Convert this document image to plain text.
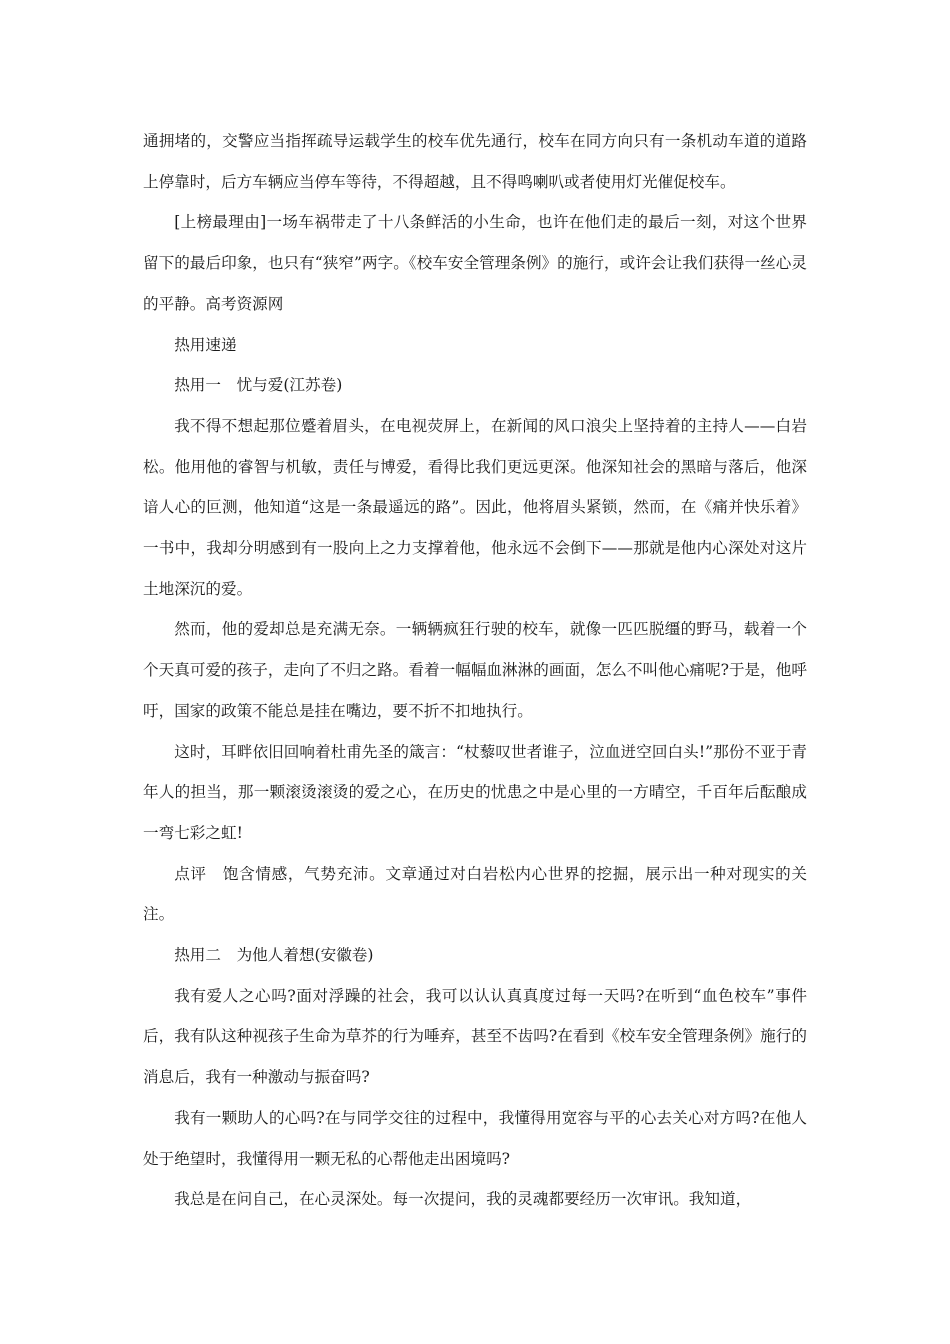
通拥堵的，交警应当指挥疏导运载学生的校车优先通行，校车在同方向只有一条机动车道的道路上停靠时，后方车辆应当停车等待，不得超越，且不得鸣喇叭或者使用灯光催促校车。

[上榜最理由]一场车祸带走了十八条鲜活的小生命，也许在他们走的最后一刻，对这个世界留下的最后印象，也只有“狭窄”两字。《校车安全管理条例》的施行，或许会让我们获得一丝心灵的平静。高考资源网

热用速递

热用一　忧与爱(江苏卷)

我不得不想起那位蹙着眉头，在电视荧屏上，在新闻的风口浪尖上坚持着的主持人——白岩松。他用他的睿智与机敏，责任与博爱，看得比我们更远更深。他深知社会的黑暗与落后，他深谙人心的叵测，他知道“这是一条最遥远的路”。因此，他将眉头紧锁，然而，在《痛并快乐着》一书中，我却分明感到有一股向上之力支撑着他，他永远不会倒下——那就是他内心深处对这片土地深沉的爱。

然而，他的爱却总是充满无奈。一辆辆疯狂行驶的校车，就像一匹匹脱缰的野马，载着一个个天真可爱的孩子，走向了不归之路。看着一幅幅血淋淋的画面，怎么不叫他心痛呢?于是，他呼吁，国家的政策不能总是挂在嘴边，要不折不扣地执行。

这时，耳畔依旧回响着杜甫先圣的箴言：“杖藜叹世者谁子，泣血迸空回白头!”那份不亚于青年人的担当，那一颗滚烫滚烫的爱之心，在历史的忧患之中是心里的一方晴空，千百年后酝酿成一弯七彩之虹!

点评　饱含情感，气势充沛。文章通过对白岩松内心世界的挖掘，展示出一种对现实的关注。

热用二　为他人着想(安徽卷)

我有爱人之心吗?面对浮躁的社会，我可以认认真真度过每一天吗?在听到“血色校车”事件后，我有队这种视孩子生命为草芥的行为唾弃，甚至不齿吗?在看到《校车安全管理条例》施行的消息后，我有一种激动与振奋吗?

我有一颗助人的心吗?在与同学交往的过程中，我懂得用宽容与平的心去关心对方吗?在他人处于绝望时，我懂得用一颗无私的心帮他走出困境吗?

我总是在问自己，在心灵深处。每一次提问，我的灵魂都要经历一次审讯。我知道，
